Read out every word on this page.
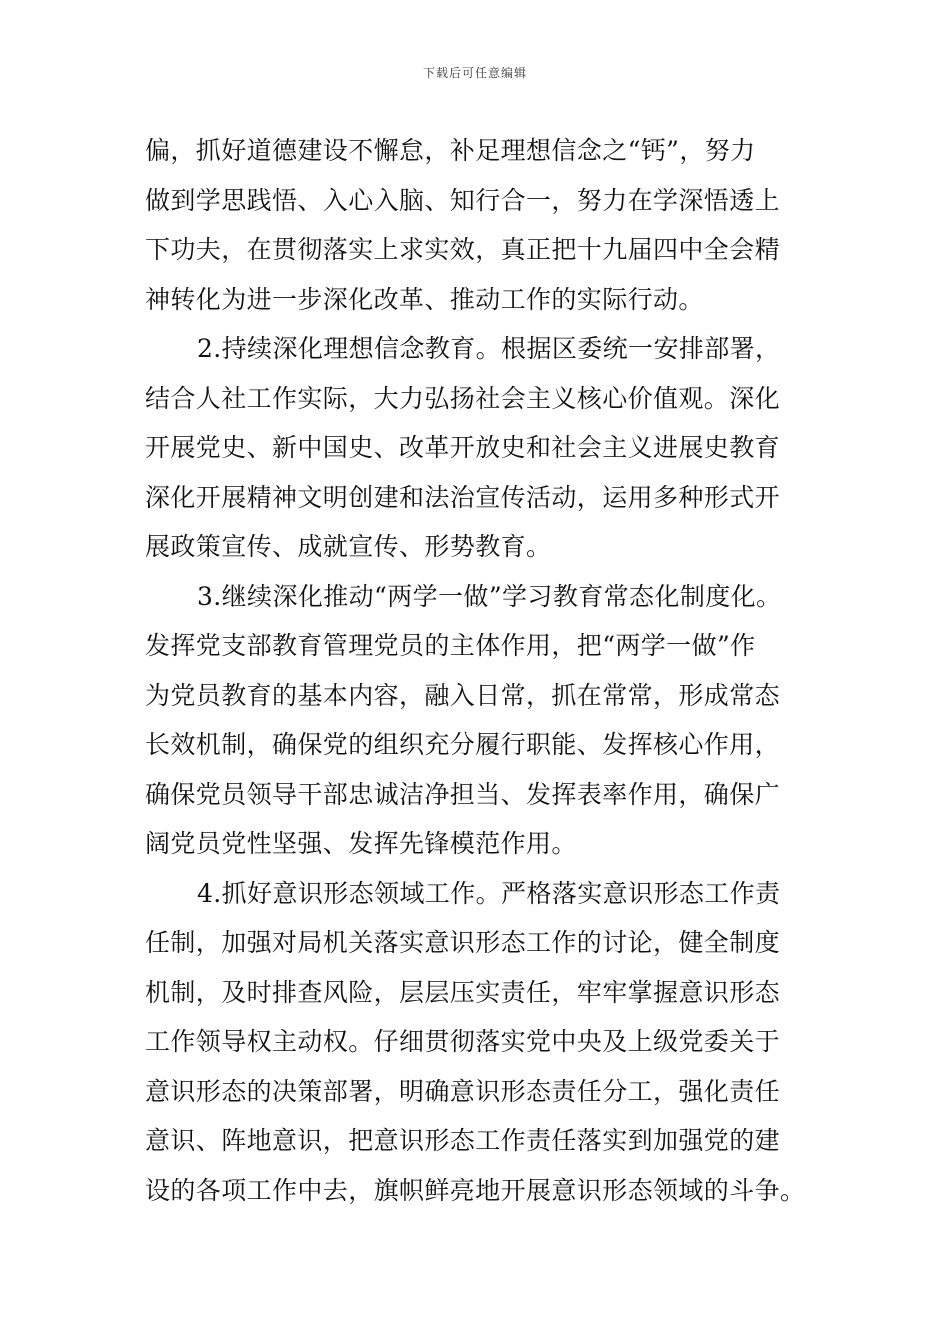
下载后可任意编辑
偏，抓好道德建设不懈怠，补足理想信念之“钙”，努力
做到学思践悟、入心入脑、知行合一，努力在学深悟透上
下功夫，在贯彻落实上求实效，真正把十九届四中全会精
神转化为进一步深化改革、推动工作的实际行动。
2.持续深化理想信念教育。根据区委统一安排部署，
结合人社工作实际，大力弘扬社会主义核心价值观。深化
开展党史、新中国史、改革开放史和社会主义进展史教育
深化开展精神文明创建和法治宣传活动，运用多种形式开
展政策宣传、成就宣传、形势教育。
3.继续深化推动“两学一做”学习教育常态化制度化。
发挥党支部教育管理党员的主体作用，把“两学一做”作
为党员教育的基本内容，融入日常，抓在常常，形成常态
长效机制，确保党的组织充分履行职能、发挥核心作用，
确保党员领导干部忠诚洁净担当、发挥表率作用，确保广
阔党员党性坚强、发挥先锋模范作用。
4.抓好意识形态领域工作。严格落实意识形态工作责
任制，加强对局机关落实意识形态工作的讨论，健全制度
机制，及时排查风险，层层压实责任，牢牢掌握意识形态
工作领导权主动权。仔细贯彻落实党中央及上级党委关于
意识形态的决策部署，明确意识形态责任分工，强化责任
意识、阵地意识，把意识形态工作责任落实到加强党的建
设的各项工作中去，旗帜鲜亮地开展意识形态领域的斗争。
